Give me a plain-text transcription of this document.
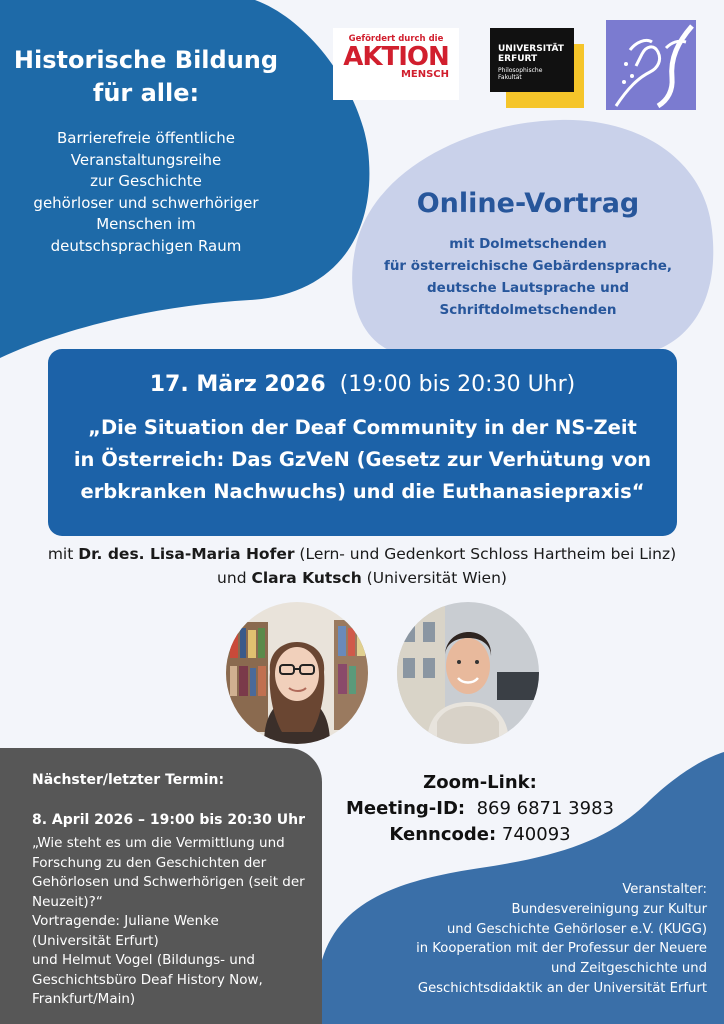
Historische Bildung
für alle:
Barrierefreie öffentliche
Veranstaltungsreihe
zur Geschichte
gehörloser und schwerhöriger
Menschen im
deutschsprachigen Raum
Gefördert durch die
AKTION
MENSCH
UNIVERSITÄT
ERFURT
Philosophische
Fakultät
Online-Vortrag
mit Dolmetschenden
für österreichische Gebärdensprache,
deutsche Lautsprache und
Schriftdolmetschenden
17. März 2026 (19:00 bis 20:30 Uhr)
„Die Situation der Deaf Community in der NS-Zeit
in Österreich: Das GzVeN (Gesetz zur Verhütung von
erbkranken Nachwuchs) und die Euthanasiepraxis“
mit Dr. des. Lisa-Maria Hofer (Lern- und Gedenkort Schloss Hartheim bei Linz) und Clara Kutsch (Universität Wien)
Nächster/letzter Termin:
8. April 2026 – 19:00 bis 20:30 Uhr
„Wie steht es um die Vermittlung und
Forschung zu den Geschichten der
Gehörlosen und Schwerhörigen (seit der
Neuzeit)?“
Vortragende: Juliane Wenke
(Universität Erfurt)
und Helmut Vogel (Bildungs- und
Geschichtsbüro Deaf History Now,
Frankfurt/Main)
Zoom-Link:
Meeting-ID: 869 6871 3983
Kenncode: 740093
Veranstalter:
Bundesvereinigung zur Kultur
und Geschichte Gehörloser e.V. (KUGG)
in Kooperation mit der Professur der Neuere
und Zeitgeschichte und
Geschichtsdidaktik an der Universität Erfurt
